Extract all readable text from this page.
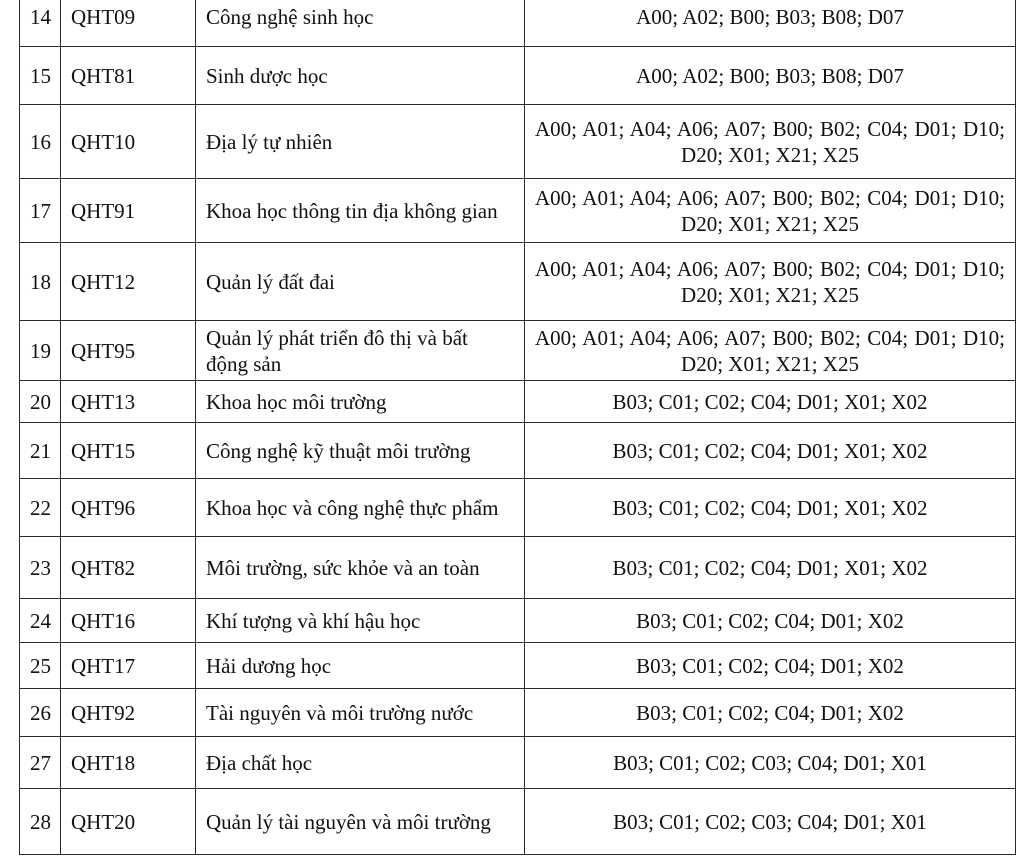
14	QHT09	Công nghệ sinh học	A00; A02; B00; B03; B08; D07
15	QHT81	Sinh dược học	A00; A02; B00; B03; B08; D07
16	QHT10	Địa lý tự nhiên	A00; A01; A04; A06; A07; B00; B02; C04; D01; D10; D20; X01; X21; X25
17	QHT91	Khoa học thông tin địa không gian	A00; A01; A04; A06; A07; B00; B02; C04; D01; D10; D20; X01; X21; X25
18	QHT12	Quản lý đất đai	A00; A01; A04; A06; A07; B00; B02; C04; D01; D10; D20; X01; X21; X25
19	QHT95	Quản lý phát triển đô thị và bất động sản	A00; A01; A04; A06; A07; B00; B02; C04; D01; D10; D20; X01; X21; X25
20	QHT13	Khoa học môi trường	B03; C01; C02; C04; D01; X01; X02
21	QHT15	Công nghệ kỹ thuật môi trường	B03; C01; C02; C04; D01; X01; X02
22	QHT96	Khoa học và công nghệ thực phẩm	B03; C01; C02; C04; D01; X01; X02
23	QHT82	Môi trường, sức khỏe và an toàn	B03; C01; C02; C04; D01; X01; X02
24	QHT16	Khí tượng và khí hậu học	B03; C01; C02; C04; D01; X02
25	QHT17	Hải dương học	B03; C01; C02; C04; D01; X02
26	QHT92	Tài nguyên và môi trường nước	B03; C01; C02; C04; D01; X02
27	QHT18	Địa chất học	B03; C01; C02; C03; C04; D01; X01
28	QHT20	Quản lý tài nguyên và môi trường	B03; C01; C02; C03; C04; D01; X01
